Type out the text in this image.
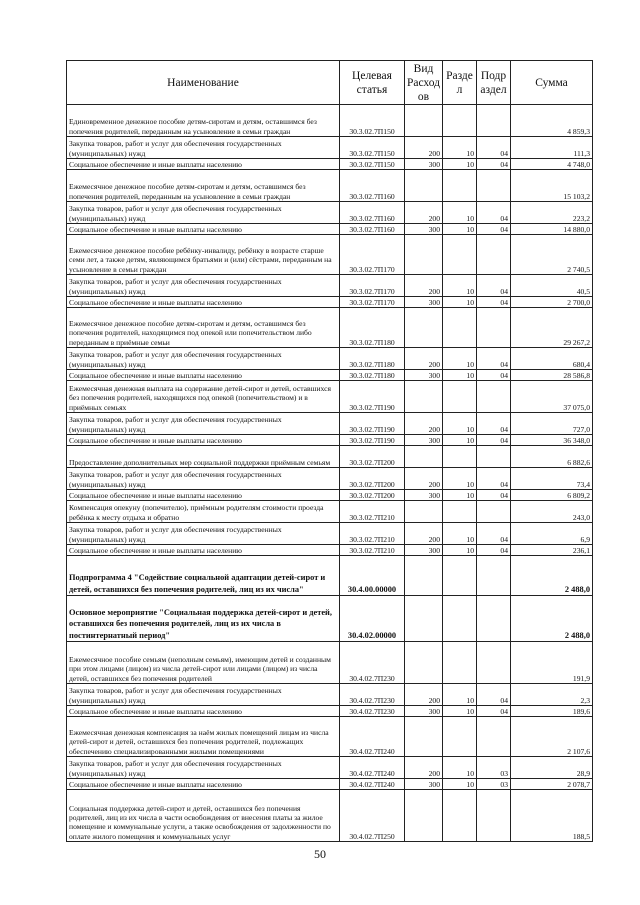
Наименование	Целевая статья	Вид Расход ов	Разде л	Подр аздел	Сумма
Единовременное денежное пособие детям-сиротам и детям, оставшимся без попечения родителей, переданным на усыновление в семьи граждан	30.3.02.7П150				4 859,3
Закупка товаров, работ и услуг для обеспечения государственных (муниципальных) нужд	30.3.02.7П150	200	10	04	111,3
Социальное обеспечение и иные выплаты населению	30.3.02.7П150	300	10	04	4 748,0
Ежемесячное денежное пособие детям-сиротам и детям, оставшимся без попечения родителей, переданным на усыновление в семьи граждан	30.3.02.7П160				15 103,2
Закупка товаров, работ и услуг для обеспечения государственных (муниципальных) нужд	30.3.02.7П160	200	10	04	223,2
Социальное обеспечение и иные выплаты населению	30.3.02.7П160	300	10	04	14 880,0
Ежемесячное денежное пособие ребёнку-инвалиду, ребёнку в возрасте старше семи лет, а также детям, являющимся братьями и (или) сёстрами, переданным на усыновление в семьи граждан	30.3.02.7П170				2 740,5
Закупка товаров, работ и услуг для обеспечения государственных (муниципальных) нужд	30.3.02.7П170	200	10	04	40,5
Социальное обеспечение и иные выплаты населению	30.3.02.7П170	300	10	04	2 700,0
Ежемесячное денежное пособие детям-сиротам и детям, оставшимся без попечения родителей, находящимся под опекой или попечительством либо переданным в приёмные семьи	30.3.02.7П180				29 267,2
Закупка товаров, работ и услуг для обеспечения государственных (муниципальных) нужд	30.3.02.7П180	200	10	04	680,4
Социальное обеспечение и иные выплаты населению	30.3.02.7П180	300	10	04	28 586,8
Ежемесячная денежная выплата на содержание детей-сирот и детей, оставшихся без попечения родителей, находящихся под опекой (попечительством) и в приёмных семьях	30.3.02.7П190				37 075,0
Закупка товаров, работ и услуг для обеспечения государственных (муниципальных) нужд	30.3.02.7П190	200	10	04	727,0
Социальное обеспечение и иные выплаты населению	30.3.02.7П190	300	10	04	36 348,0
Предоставление дополнительных мер социальной поддержки приёмным семьям	30.3.02.7П200				6 882,6
Закупка товаров, работ и услуг для обеспечения государственных (муниципальных) нужд	30.3.02.7П200	200	10	04	73,4
Социальное обеспечение и иные выплаты населению	30.3.02.7П200	300	10	04	6 809,2
Компенсация опекуну (попечителю), приёмным родителям стоимости проезда ребёнка к месту отдыха и обратно	30.3.02.7П210				243,0
Закупка товаров, работ и услуг для обеспечения государственных (муниципальных) нужд	30.3.02.7П210	200	10	04	6,9
Социальное обеспечение и иные выплаты населению	30.3.02.7П210	300	10	04	236,1
Подпрограмма 4 "Содействие социальной адаптации детей-сирот и детей, оставшихся без попечения родителей, лиц из их числа"	30.4.00.00000				2 488,0
Основное мероприятие "Социальная поддержка детей-сирот и детей, оставшихся без попечения родителей, лиц из их числа в постинтернатный период"	30.4.02.00000				2 488,0
Ежемесячное пособие семьям (неполным семьям), имеющим детей и созданным при этом лицами (лицом) из числа детей-сирот или лицами (лицом) из числа детей, оставшихся без попечения родителей	30.4.02.7П230				191,9
Закупка товаров, работ и услуг для обеспечения государственных (муниципальных) нужд	30.4.02.7П230	200	10	04	2,3
Социальное обеспечение и иные выплаты населению	30.4.02.7П230	300	10	04	189,6
Ежемесячная денежная компенсация за наём жилых помещений лицам из числа детей-сирот и детей, оставшихся без попечения родителей, подлежащих обеспечению специализированными жилыми помещениями	30.4.02.7П240				2 107,6
Закупка товаров, работ и услуг для обеспечения государственных (муниципальных) нужд	30.4.02.7П240	200	10	03	28,9
Социальное обеспечение и иные выплаты населению	30.4.02.7П240	300	10	03	2 078,7
Социальная поддержка детей-сирот и детей, оставшихся без попечения родителей, лиц из их числа в части освобождения от внесения платы за жилое помещение и коммунальные услуги, а также освобождения от задолженности по оплате жилого помещения и коммунальных услуг	30.4.02.7П250				188,5
50
